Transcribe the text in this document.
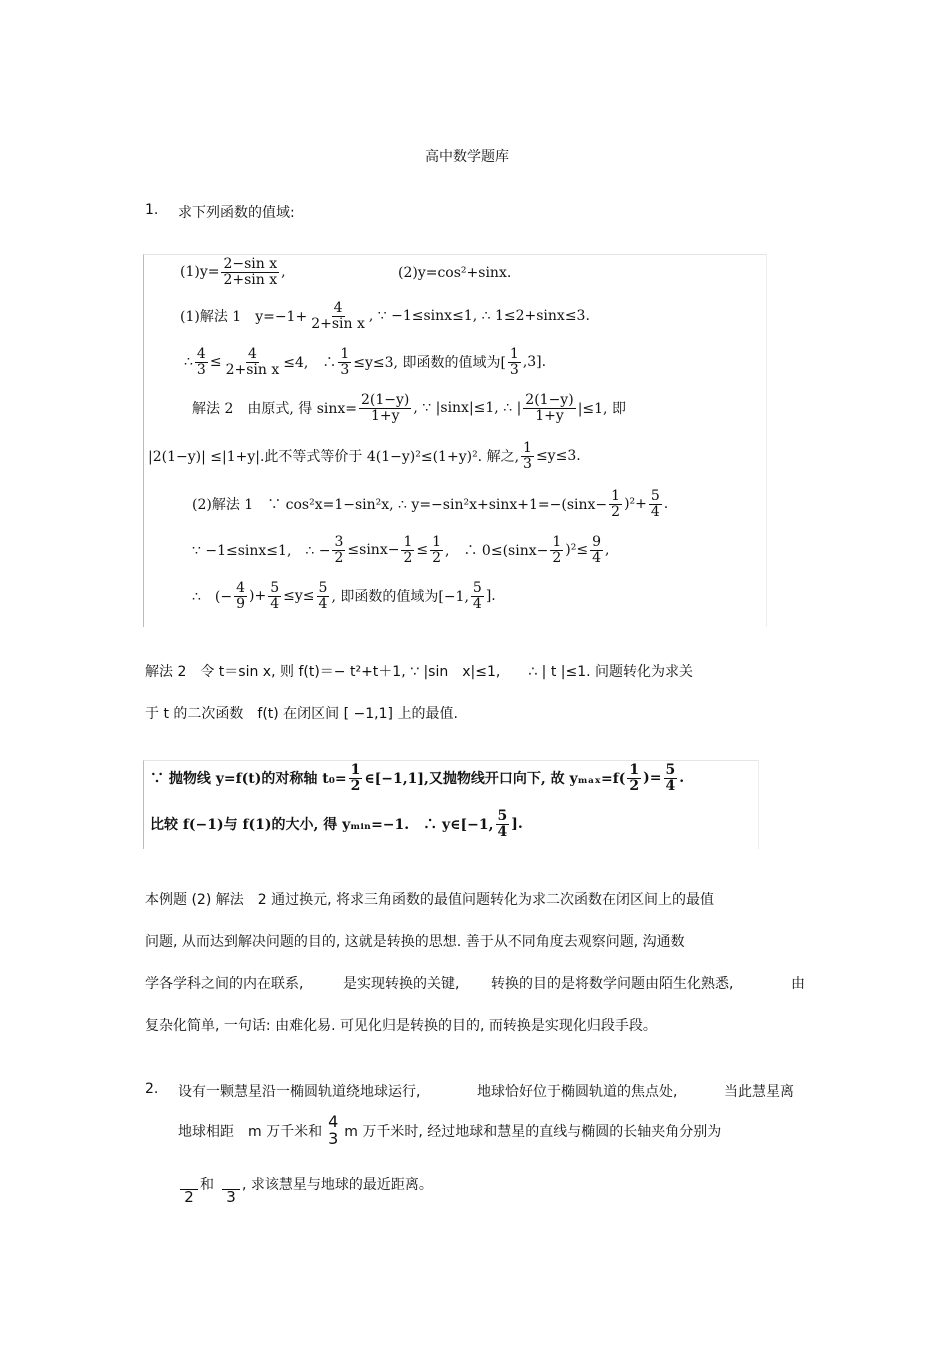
高中数学题库
1. 求下列函数的值域:
$(1)y= \frac{\text{2−sin x}}{\text{2+sin x}}$ ,	(2)y=cos²+sinx.
(1)解法 1　$y=-1+ \frac{4}{\text{2+sin x}}$ , ∵ −1≤sinx≤1, ∴ 1≤2+sinx≤3.
∴ $\frac{4}{3} \le \frac{4}{\text{2+sin x}} \le 4$,　∴ $\frac{1}{3} \le y\le 3$, 即函数的值域为[ $\frac{1}{3} ,3$].
解法 2　由原式, 得 $\sin x= \frac{2(1-y)}{1+y}$ , ∵ |sinx|≤1, ∴ | $\frac{2(1-y)}{1+y} |\le 1$, 即
|2(1−y)| ≤|1+y|.此不等式等价于 4(1−y)²≤(1+y)². 解之, $\frac{1}{3} \le y\le 3$.
(2)解法 1　∵ cos²x=1−sin²x, ∴ $y=-\sin^2x+\sin x+1=-(\sin x- \frac{1}{2} )^2+ \frac{5}{4}$ .
∵ −1≤sinx≤1,　∴ − $\frac{3}{2} \le\sin x- \frac{1}{2} \le \frac{1}{2}$ ,　∴ $0\le(\sin x- \frac{1}{2} )^2\le \frac{9}{4}$ ,
∴　(− $\frac{4}{9}$ )+ $\frac{5}{4} \le y\le \frac{5}{4}$ , 即函数的值域为[−1, $\frac{5}{4}$ ].
解法 2　令 t＝sin x, 则 f(t)＝− t²+t＋1, ∵ |sin　x|≤1,　　∴ | t |≤1. 问题转化为求关
于 t 的二次函数　f(t) 在闭区间 [ −1,1] 上的最值.
∵ 抛物线 y=f(t)的对称轴 $t_0= \frac{1}{2}$ ∈[−1,1],又抛物线开口向下, 故 $y_{max}=f( \frac{1}{2}$ )= $\frac{5}{4}$ .
比较 f(−1)与 f(1)的大小, 得 yₘᵢₙ=−1.　∴ y∈[−1, $\frac{5}{4}$ ].
本例题 (2) 解法　2 通过换元, 将求三角函数的最值问题转化为求二次函数在闭区间上的最值
问题, 从而达到解决问题的目的, 这就是转换的思想. 善于从不同角度去观察问题, 沟通数
学各学科之间的内在联系,	是实现转换的关键, 转换的目的是将数学问题由陌生化熟悉,	由
复杂化简单, 一句话: 由难化易. 可见化归是转换的目的, 而转换是实现化归段手段。
2. 设有一颗慧星沿一椭圆轨道绕地球运行,	地球恰好位于椭圆轨道的焦点处,	当此慧星离
地球相距　m 万千米和
4
3 m 万千米时, 经过地球和慧星的直线与椭圆的长轴夹角分别为
2
和
3
, 求该慧星与地球的最近距离。
